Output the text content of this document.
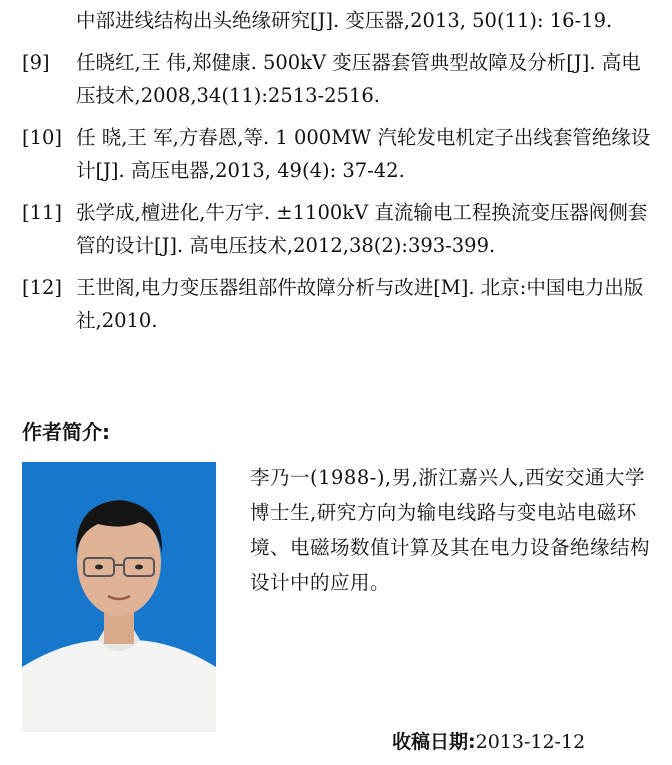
中部进线结构出头绝缘研究[J]. 变压器,2013, 50(11): 16-19.
[9] 任晓红,王 伟,郑健康. 500kV 变压器套管典型故障及分析[J]. 高电压技术,2008,34(11):2513-2516.
[10] 任 晓,王 军,方春恩,等. 1 000MW 汽轮发电机定子出线套管绝缘设计[J]. 高压电器,2013, 49(4): 37-42.
[11] 张学成,檀进化,牛万宇. ±1100kV 直流输电工程换流变压器阀侧套管的设计[J]. 高电压技术,2012,38(2):393-399.
[12] 王世阁,电力变压器组部件故障分析与改进[M]. 北京:中国电力出版社,2010.
作者简介:
李乃一(1988-),男,浙江嘉兴人,西安交通大学博士生,研究方向为输电线路与变电站电磁环境、电磁场数值计算及其在电力设备绝缘结构设计中的应用。
收稿日期:2013-12-12
